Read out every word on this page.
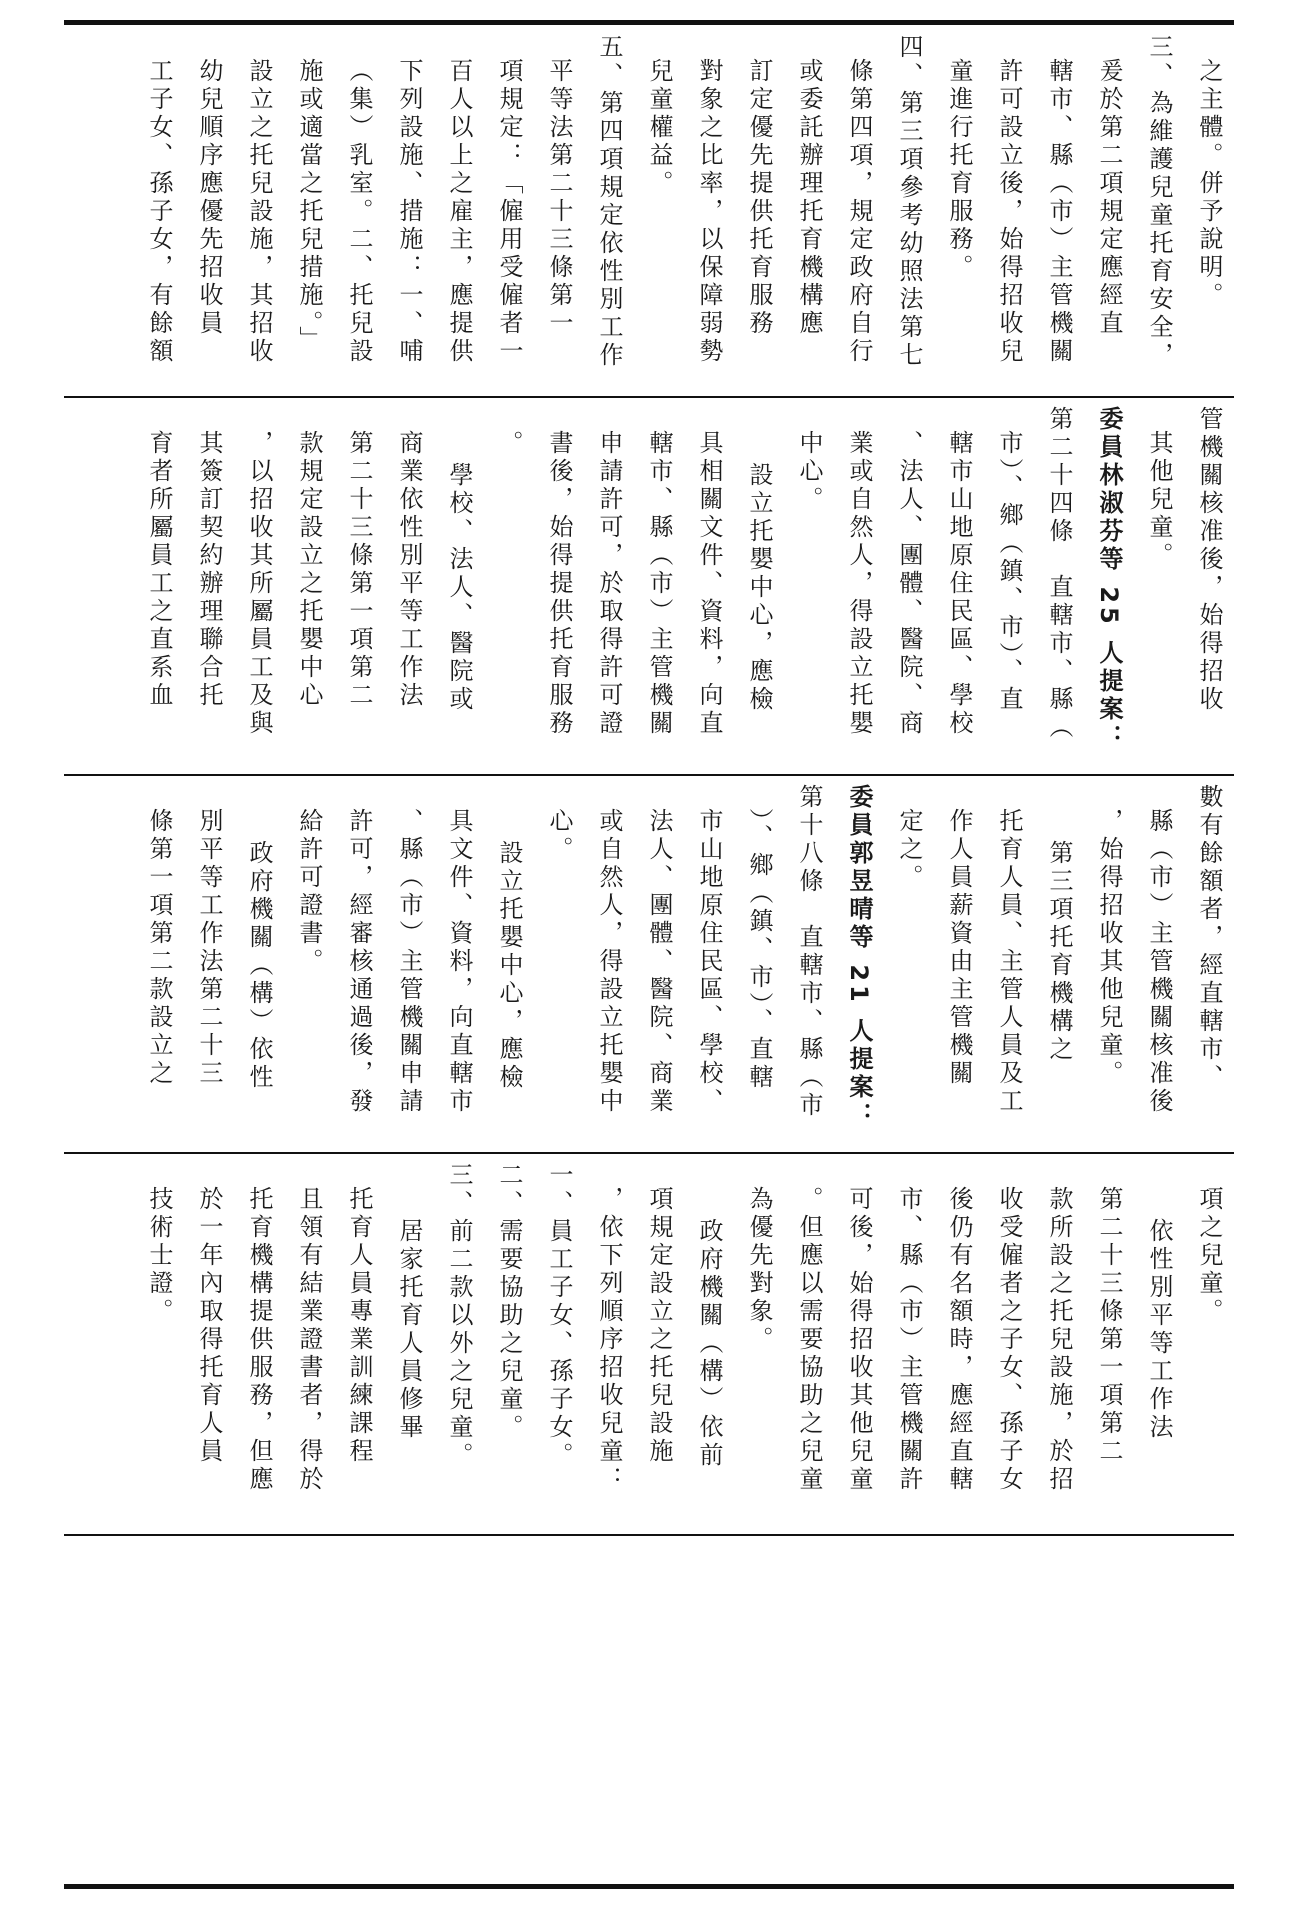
之主體。併予說明。
三、為維護兒童托育安全，
爰於第二項規定應經直
轄市、縣（市）主管機關
許可設立後，始得招收兒
童進行托育服務。
四、第三項參考幼照法第七
條第四項，規定政府自行
或委託辦理托育機構應
訂定優先提供托育服務
對象之比率，以保障弱勢
兒童權益。
五、第四項規定依性別工作
平等法第二十三條第一
項規定：「僱用受僱者一
百人以上之雇主，應提供
下列設施、措施：一、哺
（集）乳室。二、托兒設
施或適當之托兒措施。」
設立之托兒設施，其招收
幼兒順序應優先招收員
工子女、孫子女，有餘額
管機關核准後，始得招收
其他兒童。
委員林淑芬等 25 人提案：
第二十四條　直轄市、縣（
市）、鄉（鎮、市）、直
轄市山地原住民區、學校
、法人、團體、醫院、商
業或自然人，得設立托嬰
中心。
設立托嬰中心，應檢
具相關文件、資料，向直
轄市、縣（市）主管機關
申請許可，於取得許可證
書後，始得提供托育服務
。
學校、法人、醫院或
商業依性別平等工作法
第二十三條第一項第二
款規定設立之托嬰中心
，以招收其所屬員工及與
其簽訂契約辦理聯合托
育者所屬員工之直系血
數有餘額者，經直轄市、
縣（市）主管機關核准後
，始得招收其他兒童。
第三項托育機構之
托育人員、主管人員及工
作人員薪資由主管機關
定之。
委員郭昱晴等 21 人提案：
第十八條　直轄市、縣（市
）、鄉（鎮、市）、直轄
市山地原住民區、學校、
法人、團體、醫院、商業
或自然人，得設立托嬰中
心。
設立托嬰中心，應檢
具文件、資料，向直轄市
、縣（市）主管機關申請
許可，經審核通過後，發
給許可證書。
政府機關（構）依性
別平等工作法第二十三
條第一項第二款設立之
項之兒童。
依性別平等工作法
第二十三條第一項第二
款所設之托兒設施，於招
收受僱者之子女、孫子女
後仍有名額時，應經直轄
市、縣（市）主管機關許
可後，始得招收其他兒童
。但應以需要協助之兒童
為優先對象。
政府機關（構）依前
項規定設立之托兒設施
，依下列順序招收兒童：
一、員工子女、孫子女。
二、需要協助之兒童。
三、前二款以外之兒童。
居家托育人員修畢
托育人員專業訓練課程
且領有結業證書者，得於
托育機構提供服務，但應
於一年內取得托育人員
技術士證。
